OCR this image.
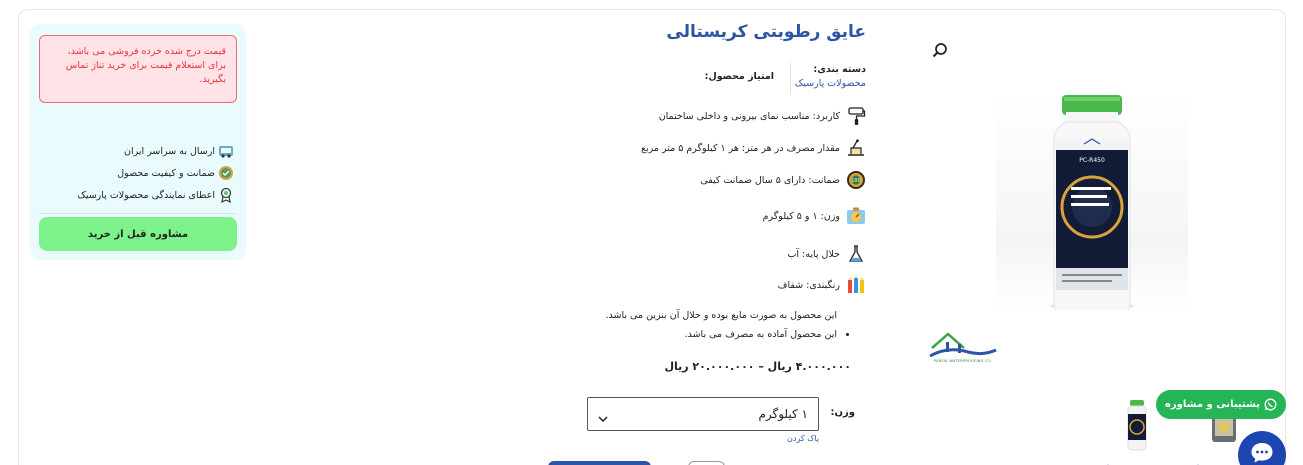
قیمت درج شده خرده فروشی می باشد، برای استعلام قیمت برای خرید تناژ تماس بگیرید.
ارسال به سراسر ایران
ضمانت و کیفیت محصول
اعطای نمایندگی محصولات پارسیک
مشاوره قبل از خرید
عایق رطوبتی کریستالی
دسته بندی:
محصولات پارسیک
امتیاز محصول:
کاربرد: مناسب نمای بیرونی و داخلی ساختمان
مقدار مصرف در هر متر: هر ۱ کیلوگرم ۵ متر مربع
100
ضمانت: دارای ۵ سال ضمانت کیفی
وزن: ۱ و ۵ کیلوگرم
حلال پایه: آب
رنگبندی: شفاف
این محصول به صورت مایع بوده و حلال آن بنزین می باشد.
• این محصول آماده به مصرف می باشد.
۴.۰۰۰.۰۰۰ ریال – ۲۰.۰۰۰.۰۰۰ ریال
وزن:
۱ کیلوگرم
پاک کردن
PC-R450
PARSIK WATERPROOFING CO.
پشتیبانی و مشاوره
